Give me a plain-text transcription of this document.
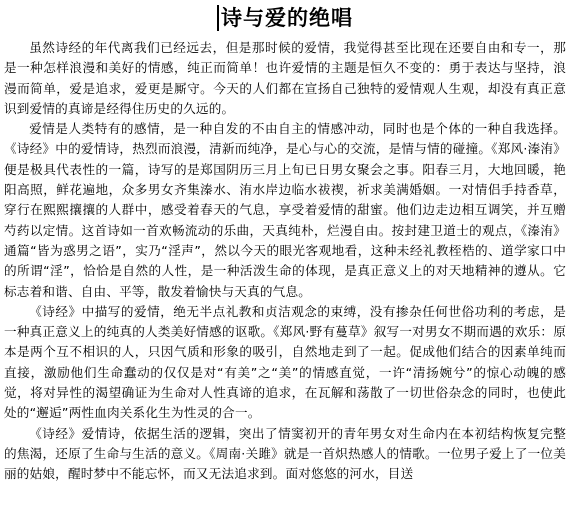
诗与爱的绝唱

虽然诗经的年代离我们已经远去，但是那时候的爱情，我觉得甚至比现在还要自由和专一，那是一种怎样浪漫和美好的情感，纯正而简单！也许爱情的主题是恒久不变的：勇于表达与坚持，浪漫而简单，爱是追求，爱更是厮守。今天的人们都在宣扬自己独特的爱情观人生观，却没有真正意识到爱情的真谛是经得住历史的久远的。

爱情是人类特有的感情，是一种自发的不由自主的情感冲动，同时也是个体的一种自我选择。《诗经》中的爱情诗，热烈而浪漫，清新而纯净，是心与心的交流，是情与情的碰撞。《郑风·溱洧》便是极具代表性的一篇，诗写的是郑国阴历三月上旬已日男女聚会之事。阳春三月，大地回暖，艳阳高照，鲜花遍地，众多男女齐集溱水、洧水岸边临水祓禊，祈求美满婚姻。一对情侣手持香草，穿行在熙熙攘攘的人群中，感受着春天的气息，享受着爱情的甜蜜。他们边走边相互调笑，并互赠芍药以定情。这首诗如一首欢畅流动的乐曲，天真纯朴，烂漫自由。按封建卫道士的观点，《溱洧》通篇“皆为惑男之语”，实乃“淫声”，然以今天的眼光客观地看，这种未经礼教桎梏的、道学家口中的所谓“淫”，恰恰是自然的人性，是一种活泼生命的体现，是真正意义上的对天地精神的遵从。它标志着和谐、自由、平等，散发着愉快与天真的气息。

《诗经》中描写的爱情，绝无半点礼教和贞洁观念的束缚，没有掺杂任何世俗功利的考虑，是一种真正意义上的纯真的人类美好情感的讴歌。《郑风·野有蔓草》叙写一对男女不期而遇的欢乐：原本是两个互不相识的人，只因气质和形象的吸引，自然地走到了一起。促成他们结合的因素单纯而直接，激励他们生命蠢动的仅仅是对“有美”之“美”的情感直觉，一许“清扬婉兮”的惊心动魄的感觉，将对异性的渴望确证为生命对人性真谛的追求，在瓦解和荡散了一切世俗杂念的同时，也使此处的“邂逅”两性血肉关系化生为性灵的合一。

《诗经》爱情诗，依据生活的逻辑，突出了情窦初开的青年男女对生命内在本初结构恢复完整的焦渴，还原了生命与生活的意义。《周南·关雎》就是一首炽热感人的情歌。一位男子爱上了一位美丽的姑娘，醒时梦中不能忘怀，而又无法追求到。面对悠悠的河水，目送
